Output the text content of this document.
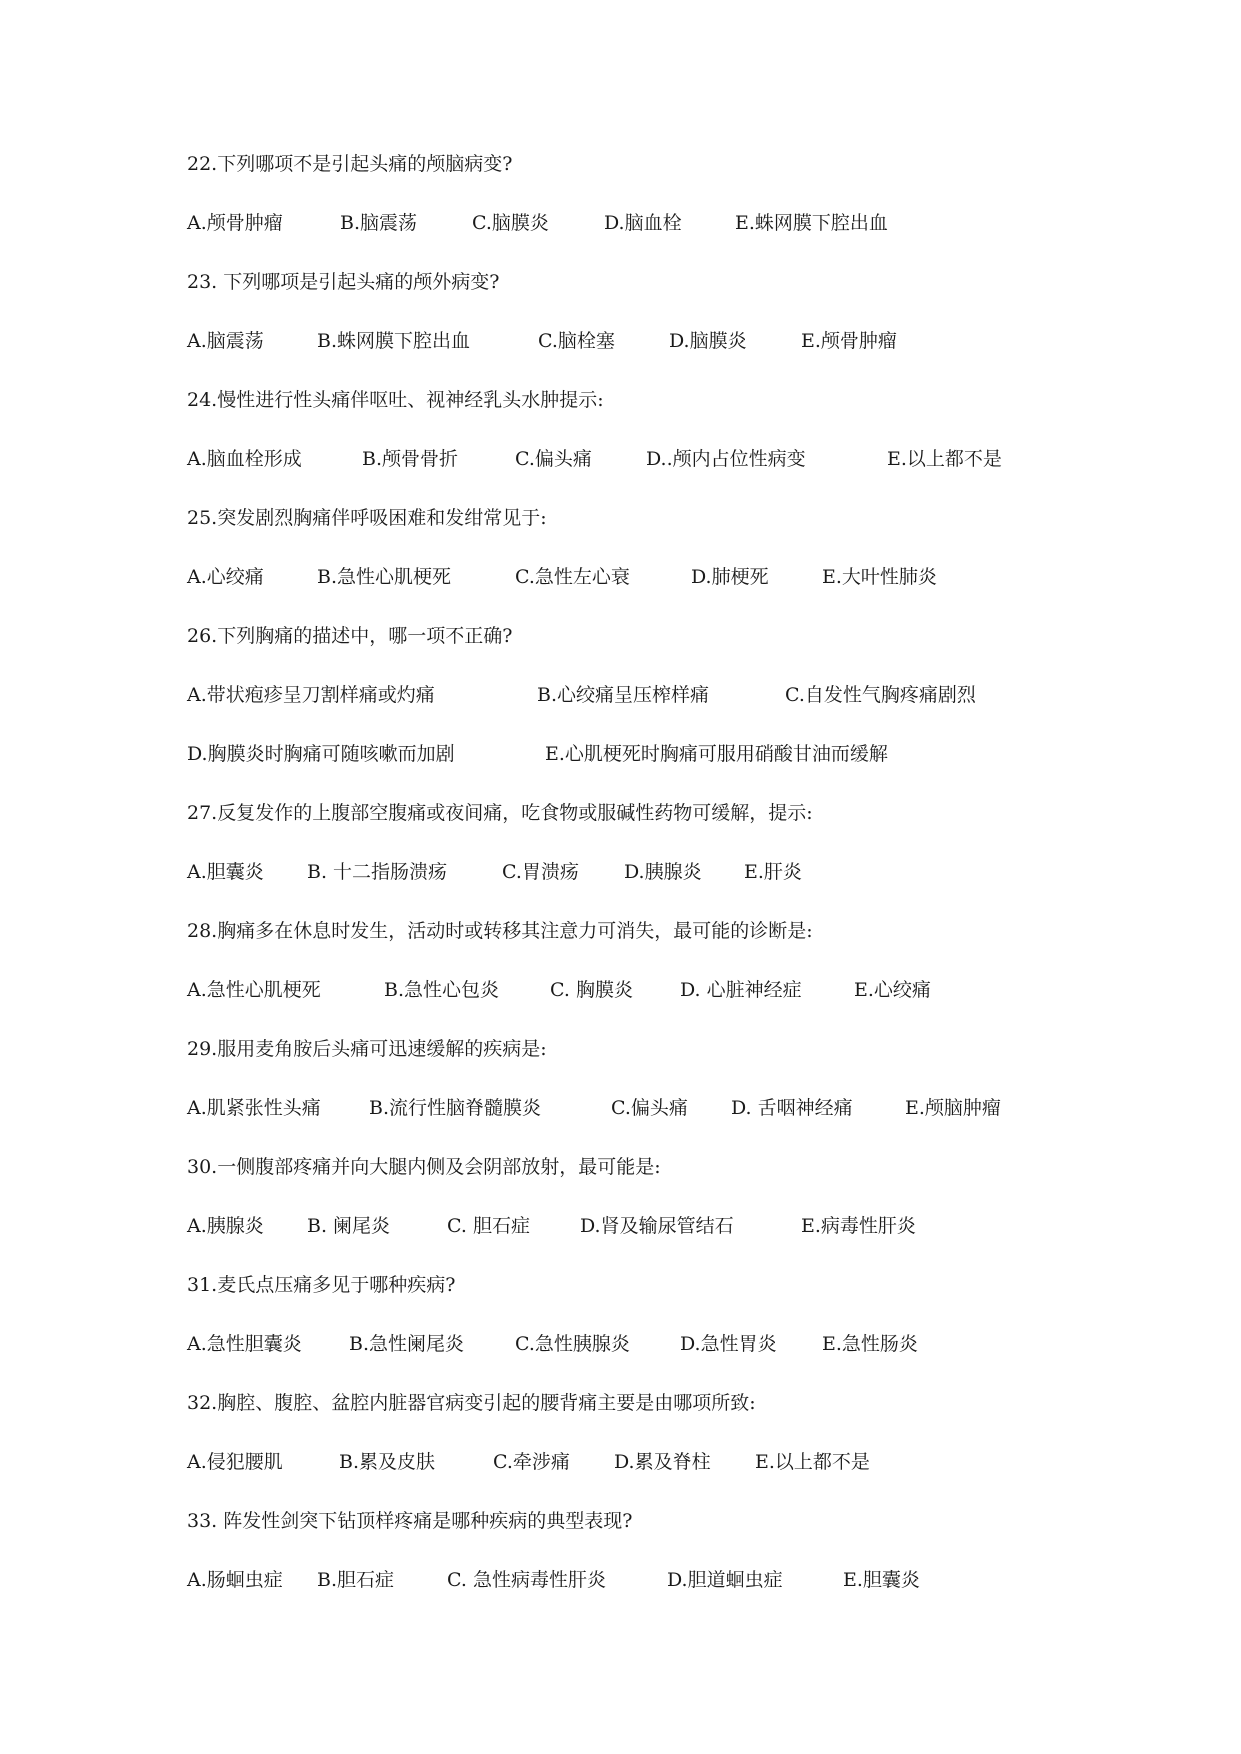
22.下列哪项不是引起头痛的颅脑病变?
A.颅骨肿瘤	B.脑震荡	C.脑膜炎	D.脑血栓	E.蛛网膜下腔出血
23. 下列哪项是引起头痛的颅外病变?
A.脑震荡	B.蛛网膜下腔出血	C.脑栓塞	D.脑膜炎	E.颅骨肿瘤
24.慢性进行性头痛伴呕吐、视神经乳头水肿提示:
A.脑血栓形成	B.颅骨骨折	C.偏头痛	D..颅内占位性病变	E.以上都不是
25.突发剧烈胸痛伴呼吸困难和发绀常见于:
A.心绞痛	B.急性心肌梗死	C.急性左心衰	D.肺梗死	E.大叶性肺炎
26.下列胸痛的描述中，哪一项不正确?
A.带状疱疹呈刀割样痛或灼痛	B.心绞痛呈压榨样痛	C.自发性气胸疼痛剧烈
D.胸膜炎时胸痛可随咳嗽而加剧	E.心肌梗死时胸痛可服用硝酸甘油而缓解
27.反复发作的上腹部空腹痛或夜间痛，吃食物或服碱性药物可缓解，提示:
A.胆囊炎 B. 十二指肠溃疡	C.胃溃疡 D.胰腺炎 E.肝炎
28.胸痛多在休息时发生，活动时或转移其注意力可消失，最可能的诊断是:
A.急性心肌梗死	B.急性心包炎	C. 胸膜炎 D. 心脏神经症	E.心绞痛
29.服用麦角胺后头痛可迅速缓解的疾病是:
A.肌紧张性头痛	B.流行性脑脊髓膜炎	C.偏头痛 D. 舌咽神经痛	E.颅脑肿瘤
30.一侧腹部疼痛并向大腿内侧及会阴部放射，最可能是:
A.胰腺炎 B. 阑尾炎	C. 胆石症	D.肾及输尿管结石	E.病毒性肝炎
31.麦氏点压痛多见于哪种疾病?
A.急性胆囊炎 B.急性阑尾炎	C.急性胰腺炎	D.急性胃炎 E.急性肠炎
32.胸腔、腹腔、盆腔内脏器官病变引起的腰背痛主要是由哪项所致:
A.侵犯腰肌	B.累及皮肤	C.牵涉痛 D.累及脊柱 E.以上都不是
33. 阵发性剑突下钻顶样疼痛是哪种疾病的典型表现?
A.肠蛔虫症 B.胆石症	C. 急性病毒性肝炎	D.胆道蛔虫症	E.胆囊炎
